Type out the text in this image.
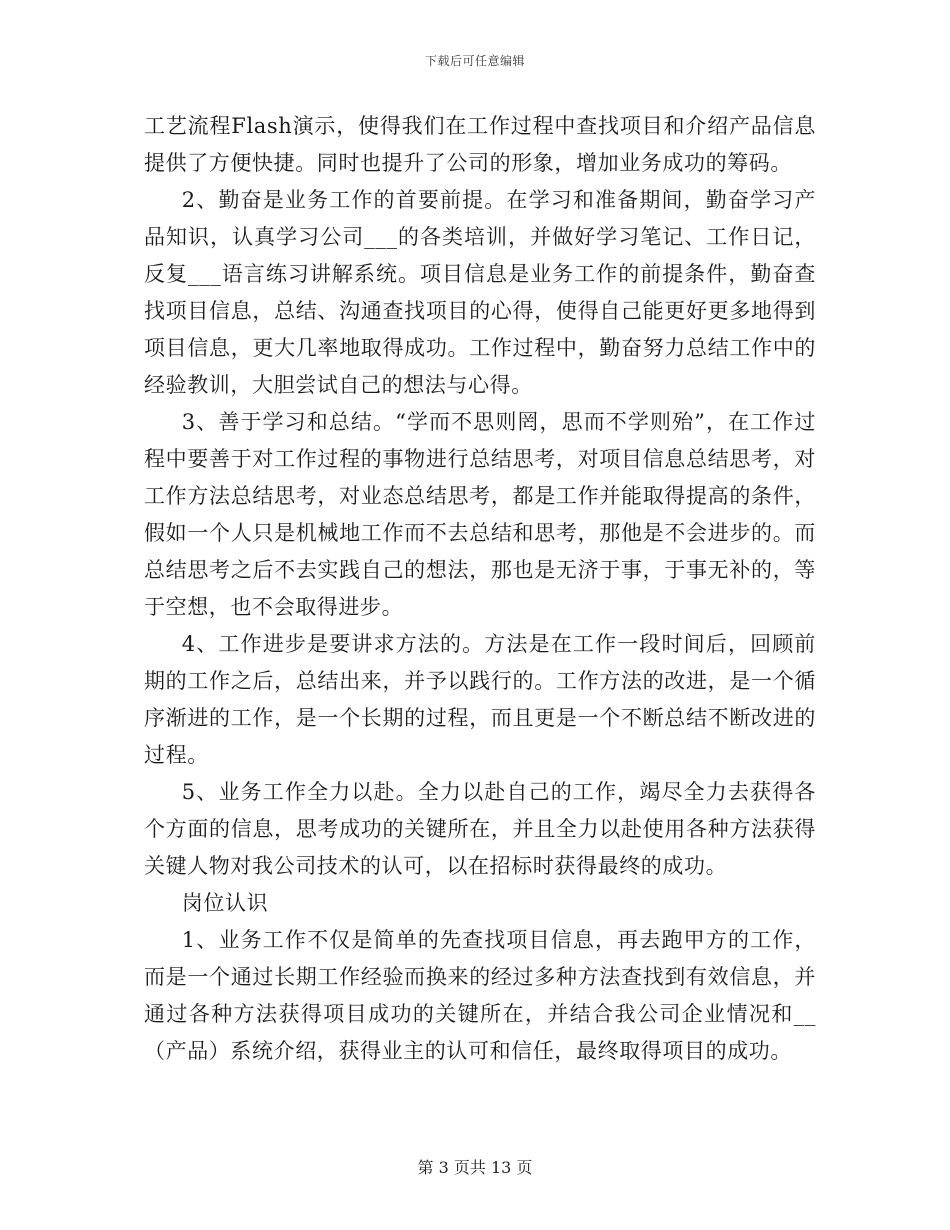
下载后可任意编辑

工艺流程Flash演示，使得我们在工作过程中查找项目和介绍产品信息提供了方便快捷。同时也提升了公司的形象，增加业务成功的筹码。

2、勤奋是业务工作的首要前提。在学习和准备期间，勤奋学习产品知识，认真学习公司___的各类培训，并做好学习笔记、工作日记，反复___语言练习讲解系统。项目信息是业务工作的前提条件，勤奋查找项目信息，总结、沟通查找项目的心得，使得自己能更好更多地得到项目信息，更大几率地取得成功。工作过程中，勤奋努力总结工作中的经验教训，大胆尝试自己的想法与心得。

3、善于学习和总结。“学而不思则罔，思而不学则殆”，在工作过程中要善于对工作过程的事物进行总结思考，对项目信息总结思考，对工作方法总结思考，对业态总结思考，都是工作并能取得提高的条件，假如一个人只是机械地工作而不去总结和思考，那他是不会进步的。而总结思考之后不去实践自己的想法，那也是无济于事，于事无补的，等于空想，也不会取得进步。

4、工作进步是要讲求方法的。方法是在工作一段时间后，回顾前期的工作之后，总结出来，并予以践行的。工作方法的改进，是一个循序渐进的工作，是一个长期的过程，而且更是一个不断总结不断改进的过程。

5、业务工作全力以赴。全力以赴自己的工作，竭尽全力去获得各个方面的信息，思考成功的关键所在，并且全力以赴使用各种方法获得关键人物对我公司技术的认可，以在招标时获得最终的成功。

岗位认识

1、业务工作不仅是简单的先查找项目信息，再去跑甲方的工作，而是一个通过长期工作经验而换来的经过多种方法查找到有效信息，并通过各种方法获得项目成功的关键所在，并结合我公司企业情况和__（产品）系统介绍，获得业主的认可和信任，最终取得项目的成功。

第 3 页共 13 页
